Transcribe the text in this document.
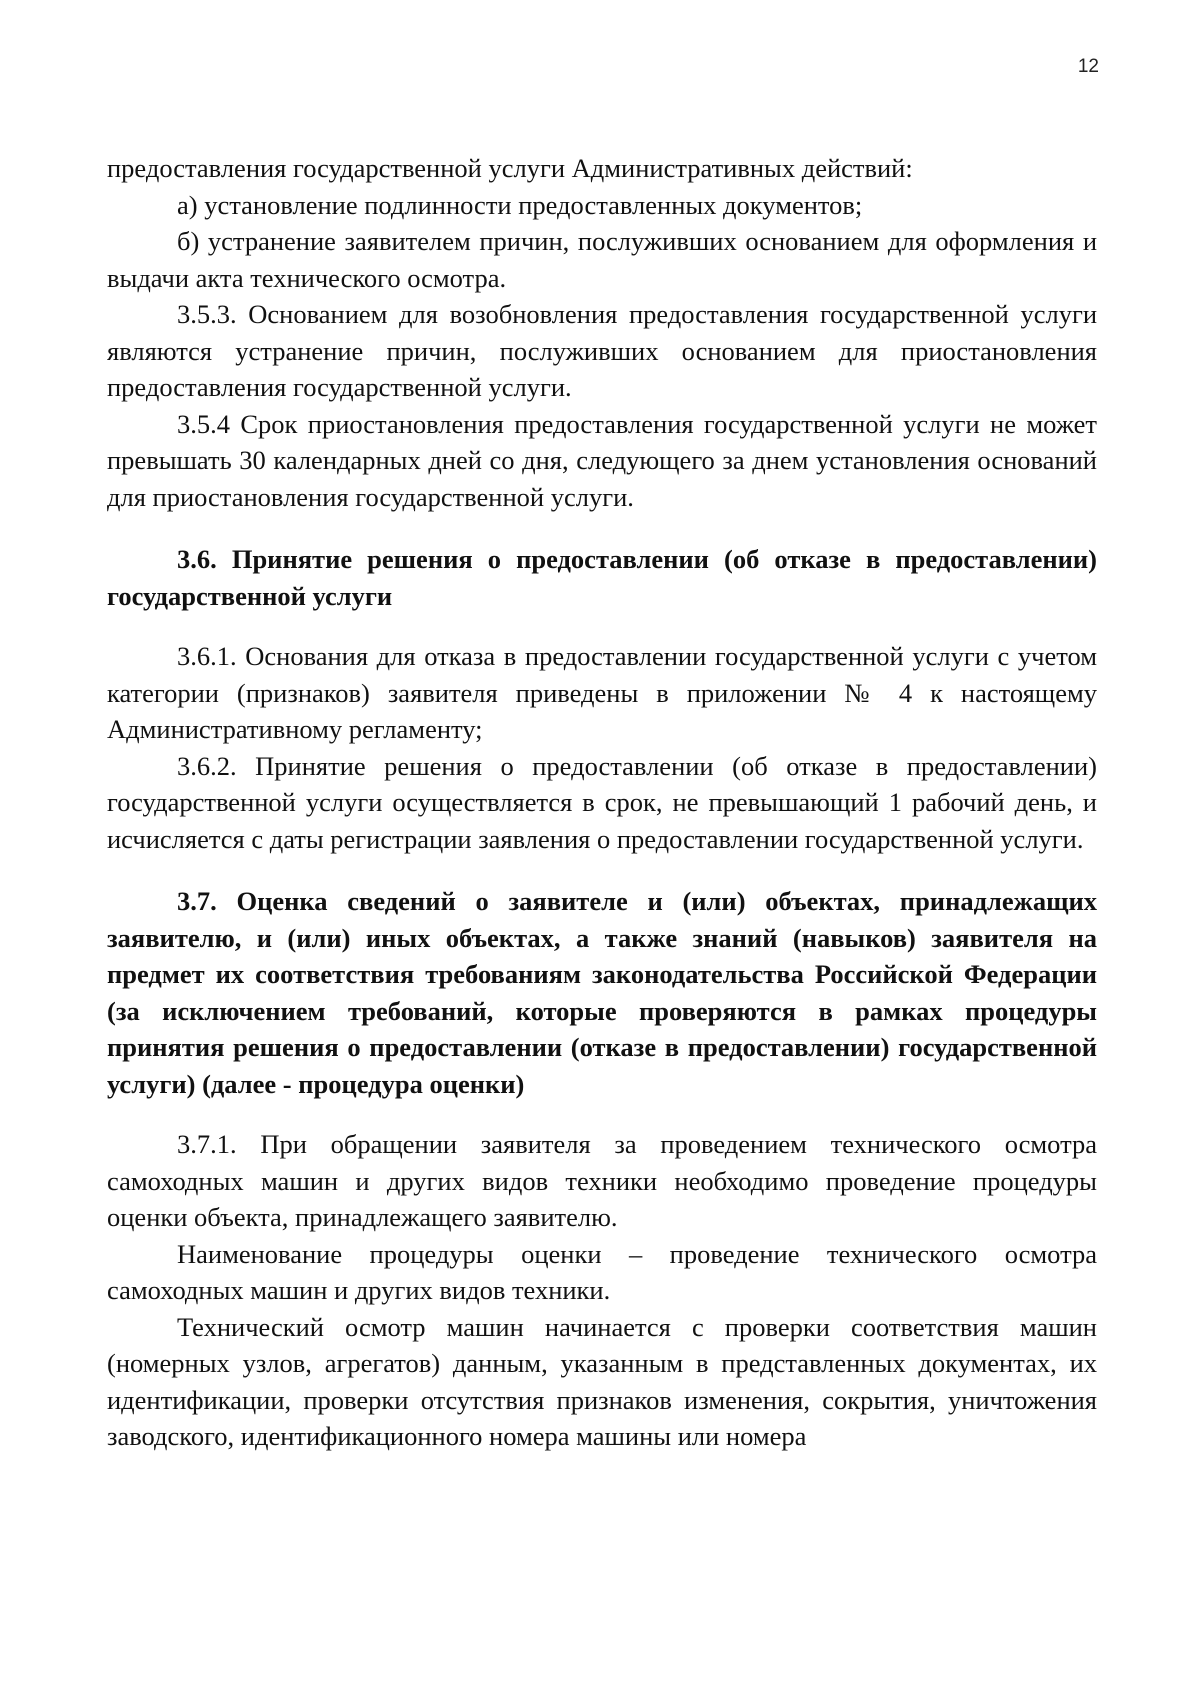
12

предоставления государственной услуги Административных действий:

а) установление подлинности предоставленных документов;

б) устранение заявителем причин, послуживших основанием для оформления и выдачи акта технического осмотра.

3.5.3. Основанием для возобновления предоставления государственной услуги являются устранение причин, послуживших основанием для приостановления предоставления государственной услуги.

3.5.4 Срок приостановления предоставления государственной услуги не может превышать 30 календарных дней со дня, следующего за днем установления оснований для приостановления государственной услуги.

3.6. Принятие решения о предоставлении (об отказе в предоставлении) государственной услуги

3.6.1. Основания для отказа в предоставлении государственной услуги с учетом категории (признаков) заявителя приведены в приложении № 4 к настоящему Административному регламенту;

3.6.2. Принятие решения о предоставлении (об отказе в предоставлении) государственной услуги осуществляется в срок, не превышающий 1 рабочий день, и исчисляется с даты регистрации заявления о предоставлении государственной услуги.

3.7. Оценка сведений о заявителе и (или) объектах, принадлежащих заявителю, и (или) иных объектах, а также знаний (навыков) заявителя на предмет их соответствия требованиям законодательства Российской Федерации (за исключением требований, которые проверяются в рамках процедуры принятия решения о предоставлении (отказе в предоставлении) государственной услуги) (далее - процедура оценки)

3.7.1. При обращении заявителя за проведением технического осмотра самоходных машин и других видов техники необходимо проведение процедуры оценки объекта, принадлежащего заявителю.

Наименование процедуры оценки – проведение технического осмотра самоходных машин и других видов техники.

Технический осмотр машин начинается с проверки соответствия машин (номерных узлов, агрегатов) данным, указанным в представленных документах, их идентификации, проверки отсутствия признаков изменения, сокрытия, уничтожения заводского, идентификационного номера машины или номера
